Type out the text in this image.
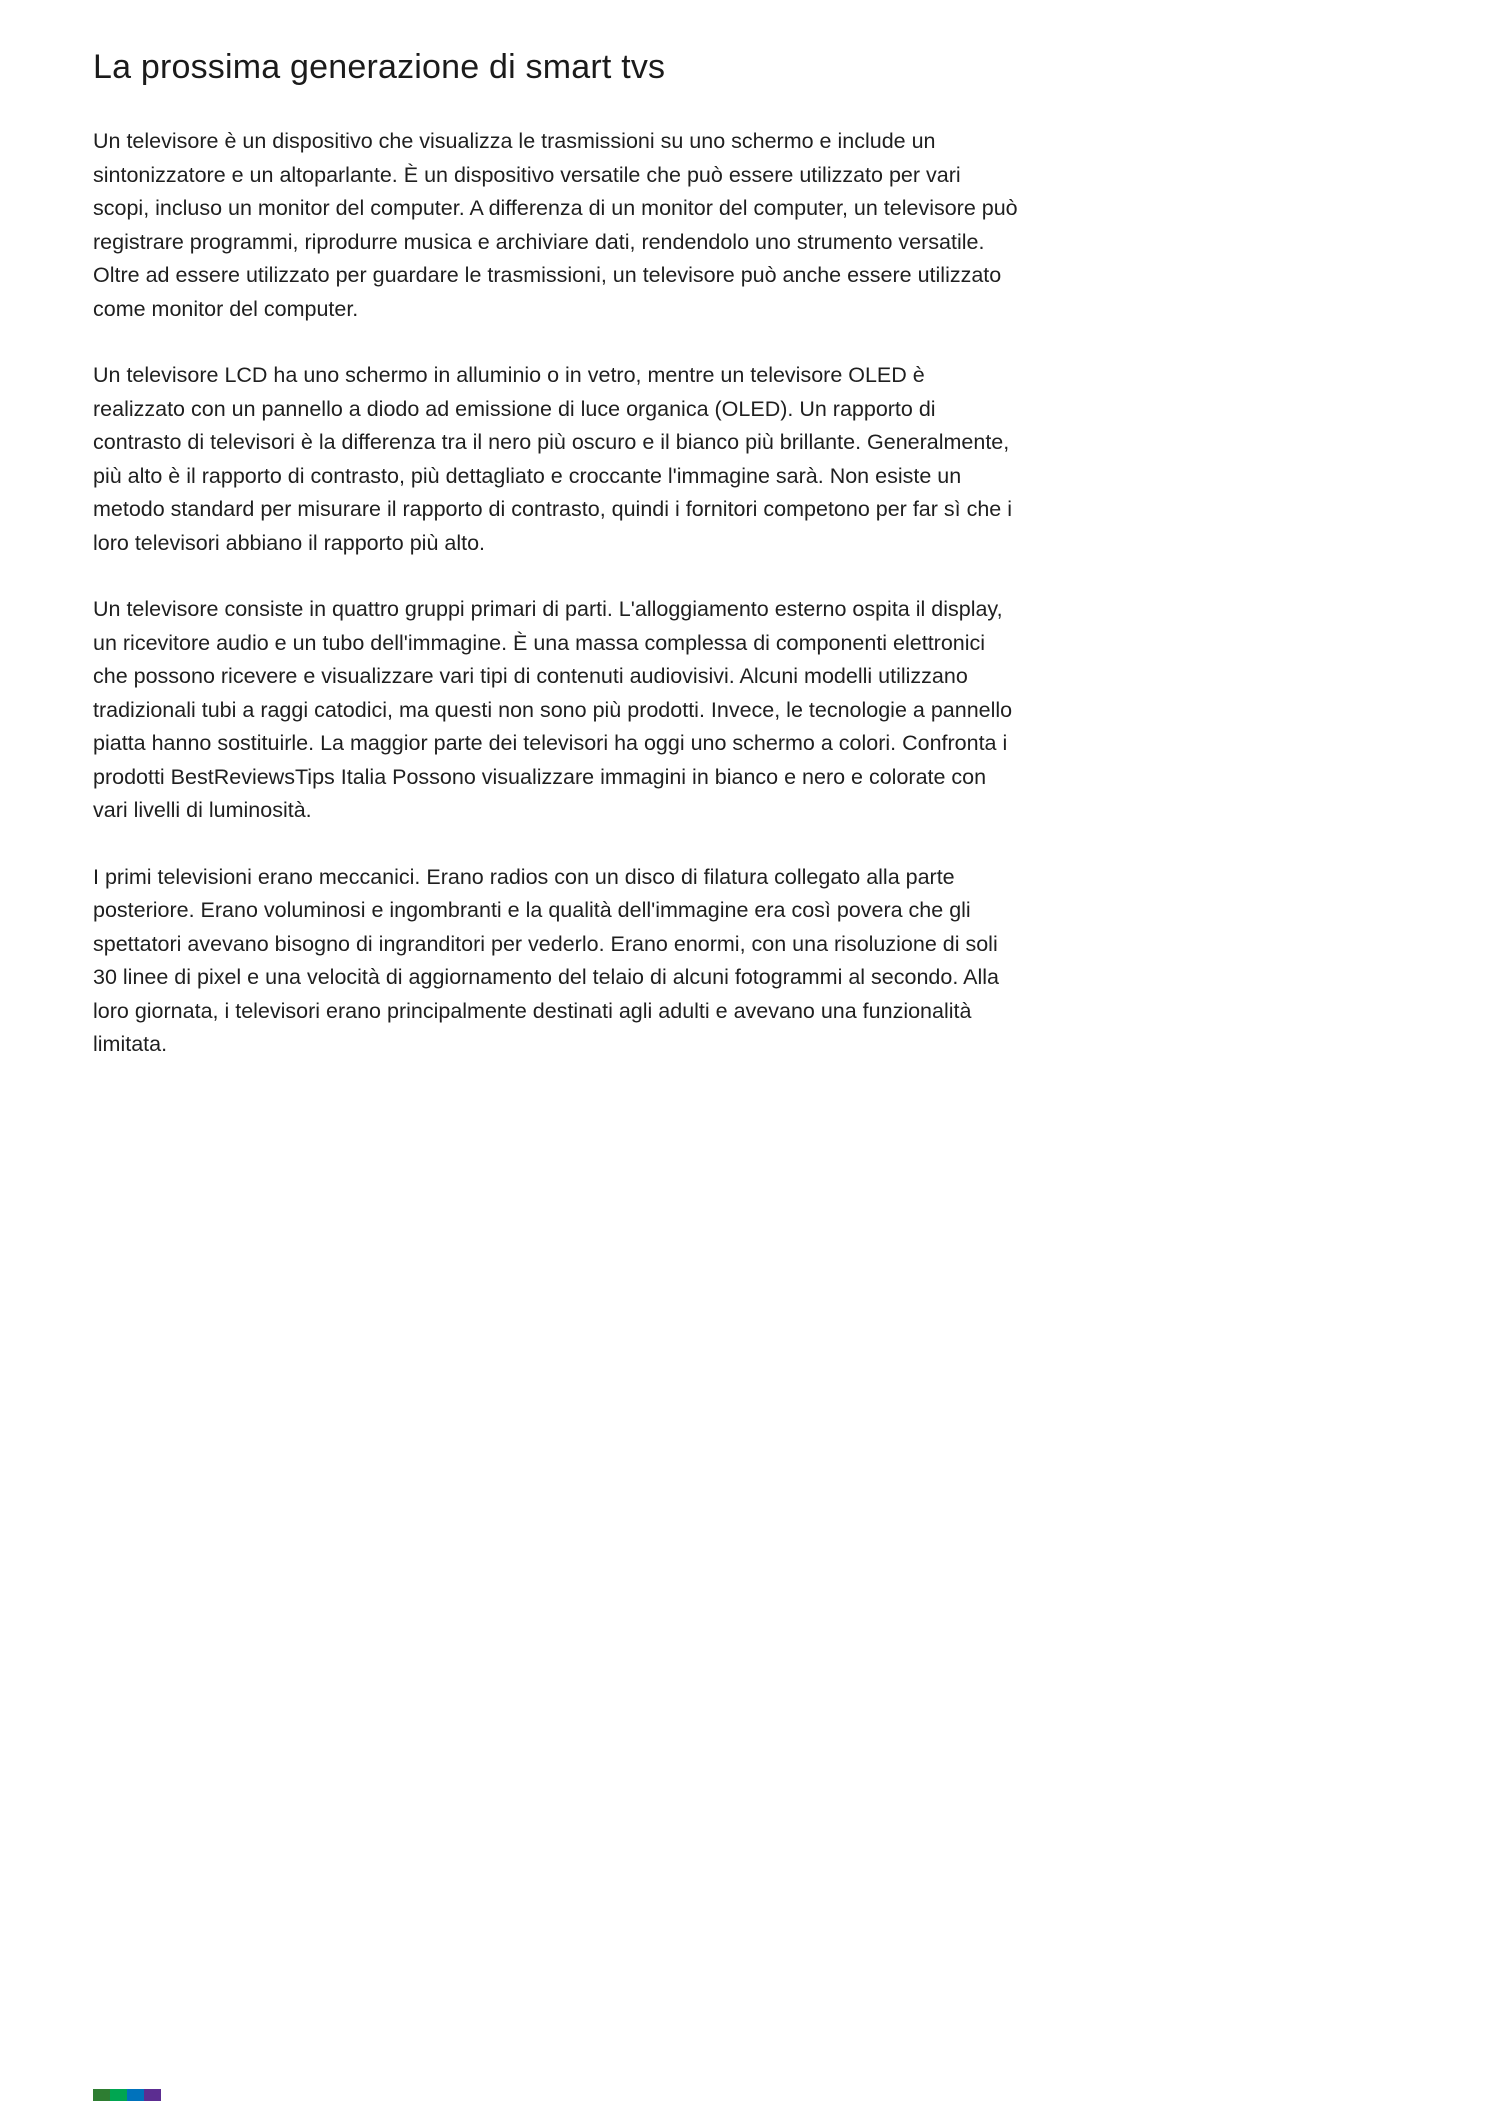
La prossima generazione di smart tvs

Un televisore è un dispositivo che visualizza le trasmissioni su uno schermo e include un sintonizzatore e un altoparlante. È un dispositivo versatile che può essere utilizzato per vari scopi, incluso un monitor del computer. A differenza di un monitor del computer, un televisore può registrare programmi, riprodurre musica e archiviare dati, rendendolo uno strumento versatile. Oltre ad essere utilizzato per guardare le trasmissioni, un televisore può anche essere utilizzato come monitor del computer.

Un televisore LCD ha uno schermo in alluminio o in vetro, mentre un televisore OLED è realizzato con un pannello a diodo ad emissione di luce organica (OLED). Un rapporto di contrasto di televisori è la differenza tra il nero più oscuro e il bianco più brillante. Generalmente, più alto è il rapporto di contrasto, più dettagliato e croccante l'immagine sarà. Non esiste un metodo standard per misurare il rapporto di contrasto, quindi i fornitori competono per far sì che i loro televisori abbiano il rapporto più alto.

Un televisore consiste in quattro gruppi primari di parti. L'alloggiamento esterno ospita il display, un ricevitore audio e un tubo dell'immagine. È una massa complessa di componenti elettronici che possono ricevere e visualizzare vari tipi di contenuti audiovisivi. Alcuni modelli utilizzano tradizionali tubi a raggi catodici, ma questi non sono più prodotti. Invece, le tecnologie a pannello piatta hanno sostituirle. La maggior parte dei televisori ha oggi uno schermo a colori. Confronta i prodotti BestReviewsTips Italia Possono visualizzare immagini in bianco e nero e colorate con vari livelli di luminosità.

I primi televisioni erano meccanici. Erano radios con un disco di filatura collegato alla parte posteriore. Erano voluminosi e ingombranti e la qualità dell'immagine era così povera che gli spettatori avevano bisogno di ingranditori per vederlo. Erano enormi, con una risoluzione di soli 30 linee di pixel e una velocità di aggiornamento del telaio di alcuni fotogrammi al secondo. Alla loro giornata, i televisori erano principalmente destinati agli adulti e avevano una funzionalità limitata.
